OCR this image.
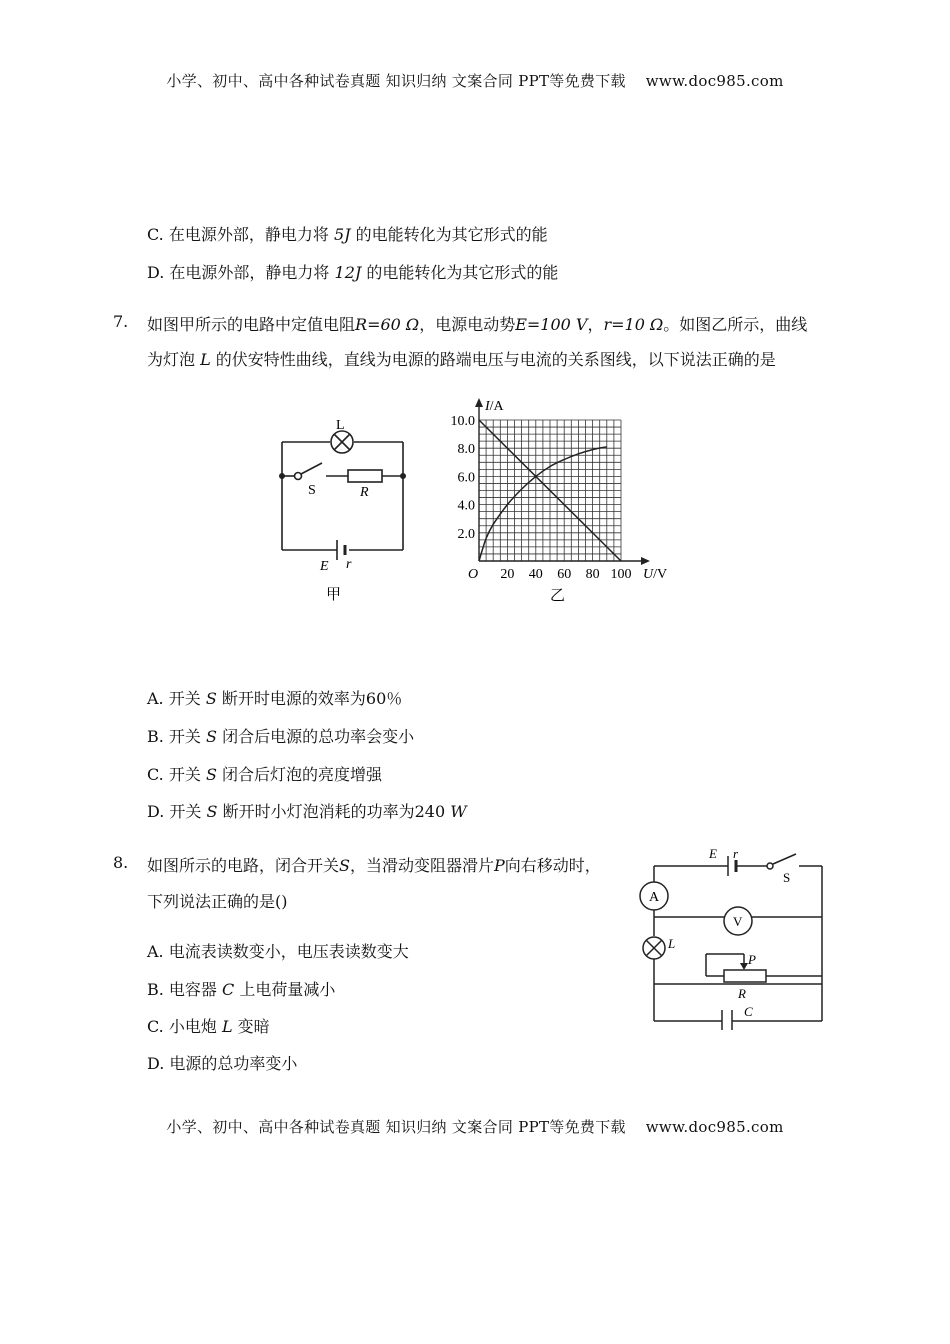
小学、初中、高中各种试卷真题 知识归纳 文案合同 PPT等免费下载 www.doc985.com
C. 在电源外部，静电力将 5J 的电能转化为其它形式的能
D. 在电源外部，静电力将 12J 的电能转化为其它形式的能
7. 如图甲所示的电路中定值电阻R=60 Ω，电源电动势E=100 V，r=10 Ω。如图乙所示，曲线
为灯泡 L 的伏安特性曲线，直线为电源的路端电压与电流的关系图线，以下说法正确的是
L
S	R
E r
甲
20 40 60 80 100
2.0
4.0
6.0
8.0
10.0
I/A
U/V
O
乙
A. 开关 S 断开时电源的效率为60％
B. 开关 S 闭合后电源的总功率会变小
C. 开关 S 闭合后灯泡的亮度增强
D. 开关 S 断开时小灯泡消耗的功率为240 W
8. 如图所示的电路，闭合开关S，当滑动变阻器滑片P向右移动时，
下列说法正确的是()
A. 电流表读数变小，电压表读数变大
B. 电容器 C 上电荷量减小
C. 小电炮 L 变暗
D. 电源的总功率变小
E r
S
A
V
L
P
R
C
小学、初中、高中各种试卷真题 知识归纳 文案合同 PPT等免费下载 www.doc985.com
